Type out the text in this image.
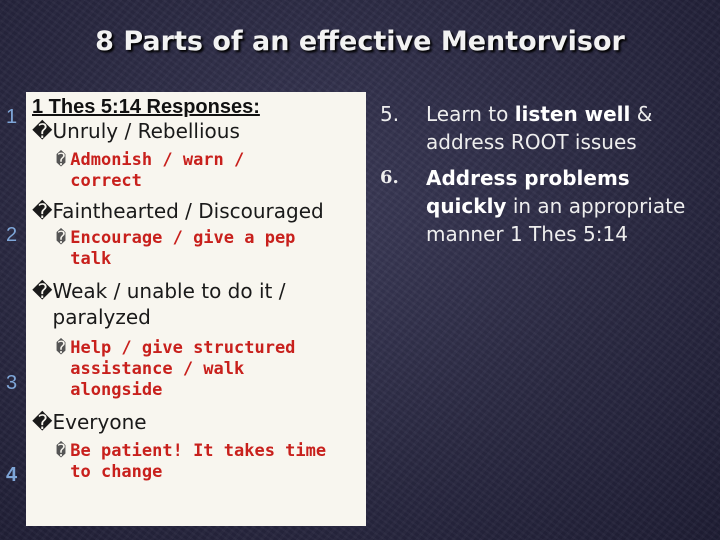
8 Parts of an effective Mentorvisor
1
2
3
4
1 Thes 5:14 Responses:
� Unruly / Rebellious
� Admonish / warn /
correct
� Fainthearted / Discouraged
� Encourage / give a pep
talk
� Weak / unable to do it /
paralyzed
� Help / give structured
assistance / walk
alongside
� Everyone
� Be patient! It takes time
to change
5.	Learn to listen well &
address ROOT issues
6.	Address problems
quickly in an appropriate
manner 1 Thes 5:14
